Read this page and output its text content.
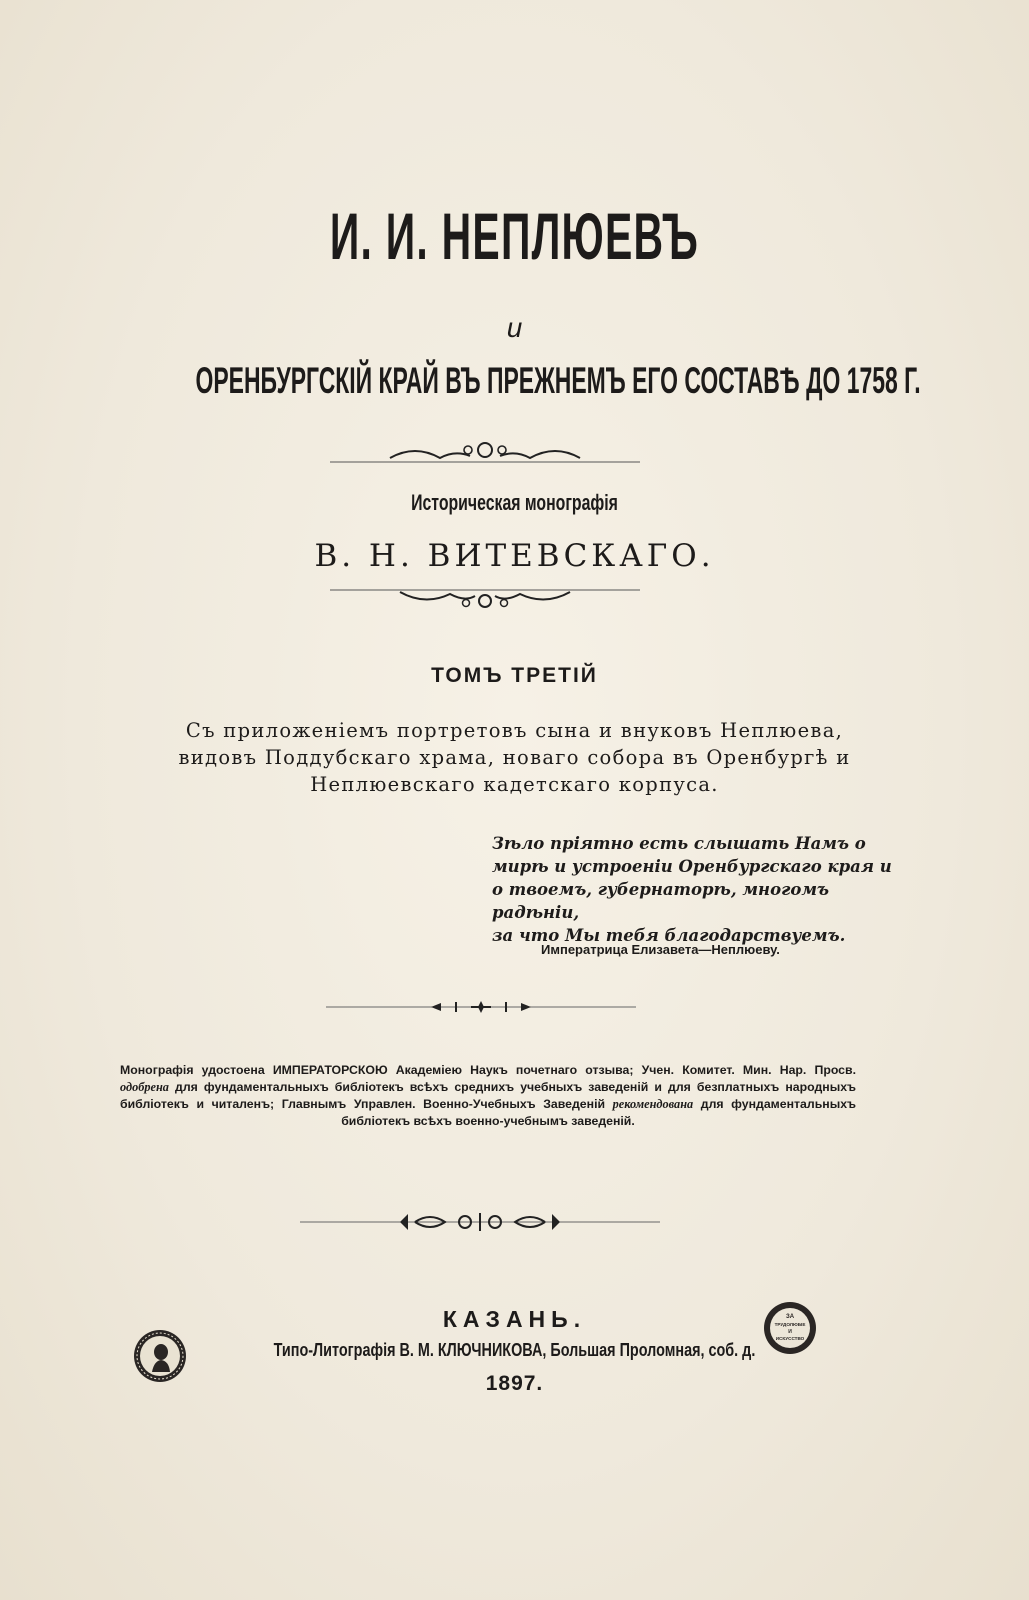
И. И. НЕПЛЮЕВЪ
и
ОРЕНБУРГСКIЙ КРАЙ ВЪ ПРЕЖНЕМЪ ЕГО СОСТАВѢ ДО 1758 Г.
Историческая монографiя
В. Н. ВИТЕВСКАГО.
ТОМЪ ТРЕТIЙ
Съ приложенiемъ портретовъ сына и внуковъ Неплюева,
видовъ Поддубскаго храма, новаго собора въ Оренбургѣ и
Неплюевскаго кадетскаго корпуса.
Зѣло прiятно есть слышать Намъ о
мирѣ и устроенiи Оренбургскаго края и
о твоемъ, губернаторѣ, многомъ радѣнiи,
за что Мы тебя благодарствуемъ.
Императрица Елизавета—Неплюеву.
Монографiя удостоена ИМПЕРАТОРСКОЮ Академiею Наукъ почетнаго отзыва; Учен. Комитет. Мин. Нар. Просв. одобрена для фундаментальныхъ библiотекъ всѣхъ среднихъ учебныхъ заведенiй и для безплатныхъ народныхъ библiотекъ и читаленъ; Главнымъ Управлен. Военно-Учебныхъ Заведенiй рекомендована для фундаментальныхъ библiотекъ всѣхъ военно-учебнымъ заведенiй.
КАЗАНЬ.
Типо-Литографiя В. М. КЛЮЧНИКОВА, Большая Проломная, соб. д.
1897.
ЗА
ТРУДОЛЮБIЕ
И
ИСКУССТВО
